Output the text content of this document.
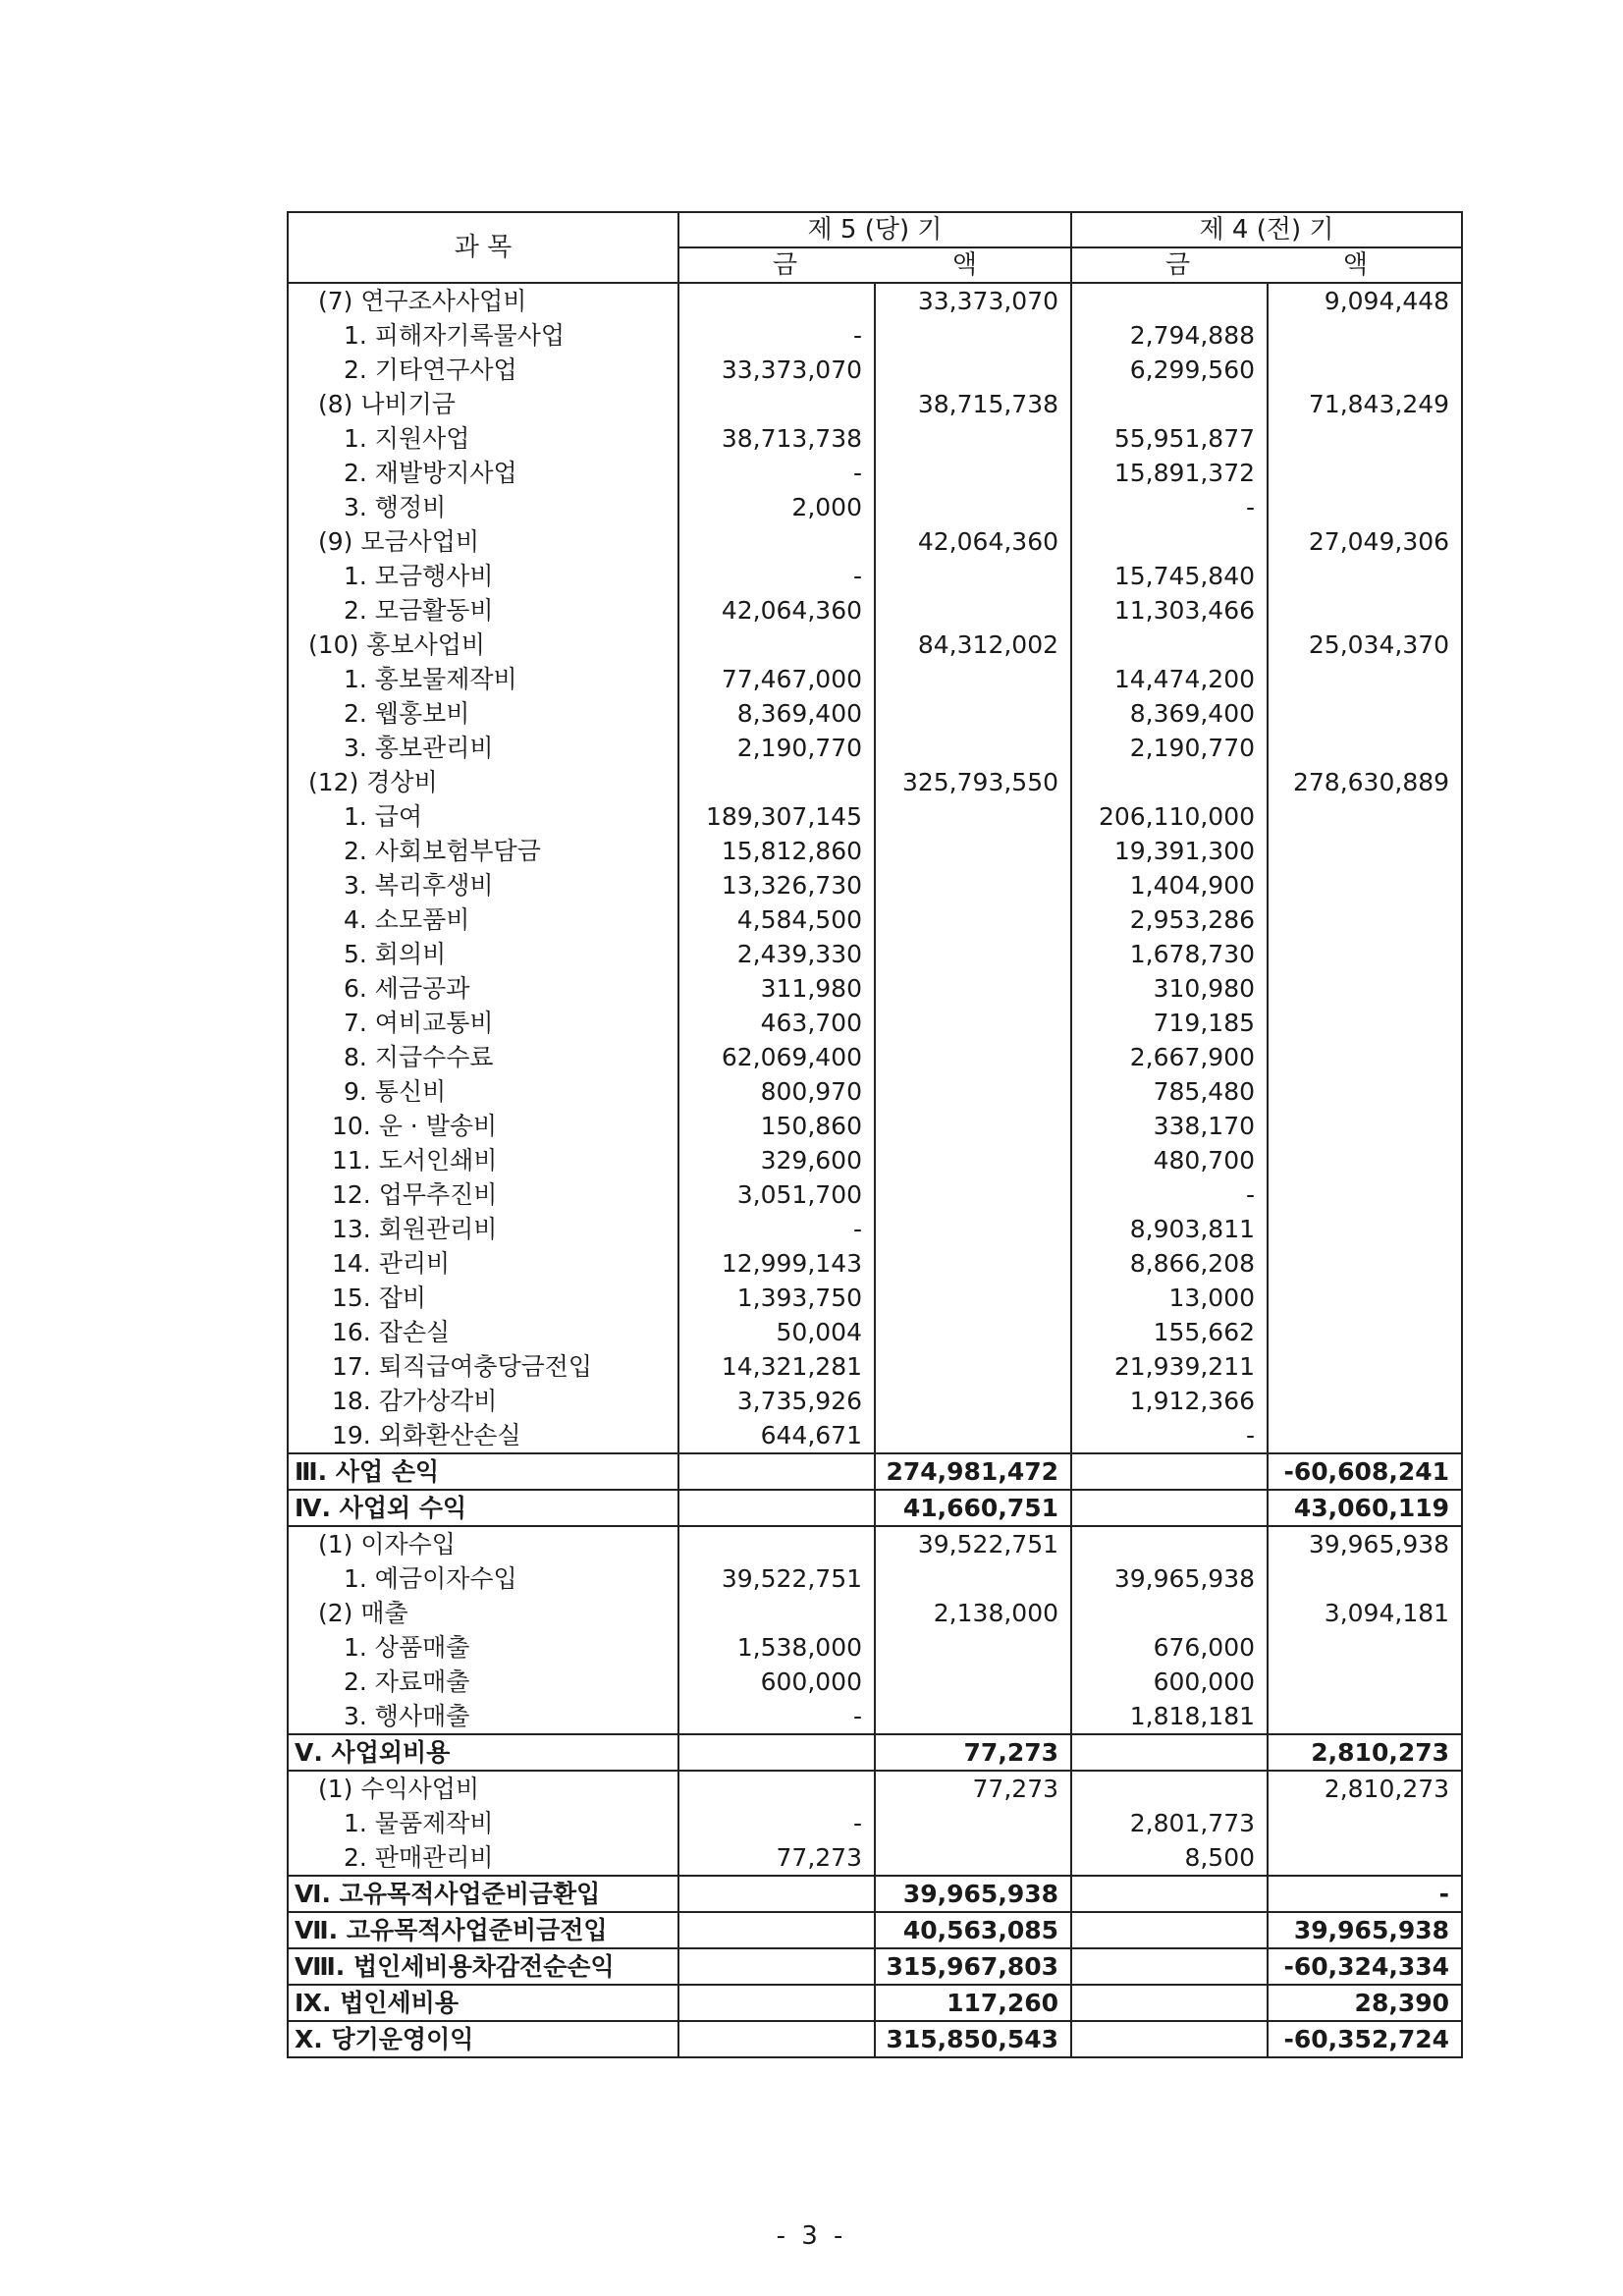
과 목	제 5 (당) 기		제 4 (전) 기	

	금 액		금 액	

(7) 연구조사사업비		33,373,070		9,094,448
1. 피해자기록물사업	-		2,794,888	
2. 기타연구사업	33,373,070		6,299,560	
(8) 나비기금		38,715,738		71,843,249
1. 지원사업	38,713,738		55,951,877	
2. 재발방지사업	-		15,891,372	
3. 행정비	2,000		-	
(9) 모금사업비		42,064,360		27,049,306
1. 모금행사비	-		15,745,840	
2. 모금활동비	42,064,360		11,303,466	
(10) 홍보사업비		84,312,002		25,034,370
1. 홍보물제작비	77,467,000		14,474,200	
2. 웹홍보비	8,369,400		8,369,400	
3. 홍보관리비	2,190,770		2,190,770	
(12) 경상비		325,793,550		278,630,889
1. 급여	189,307,145		206,110,000	
2. 사회보험부담금	15,812,860		19,391,300	
3. 복리후생비	13,326,730		1,404,900	
4. 소모품비	4,584,500		2,953,286	
5. 회의비	2,439,330		1,678,730	
6. 세금공과	311,980		310,980	
7. 여비교통비	463,700		719,185	
8. 지급수수료	62,069,400		2,667,900	
9. 통신비	800,970		785,480	
10. 운 · 발송비	150,860		338,170	
11. 도서인쇄비	329,600		480,700	
12. 업무추진비	3,051,700		-	
13. 회원관리비	-		8,903,811	
14. 관리비	12,999,143		8,866,208	
15. 잡비	1,393,750		13,000	
16. 잡손실	50,004		155,662	
17. 퇴직급여충당금전입	14,321,281		21,939,211	
18. 감가상각비	3,735,926		1,912,366	
19. 외화환산손실	644,671		-	
Ⅲ. 사업 손익		274,981,472		-60,608,241
Ⅳ. 사업외 수익		41,660,751		43,060,119
(1) 이자수입		39,522,751		39,965,938
1. 예금이자수입	39,522,751		39,965,938	
(2) 매출		2,138,000		3,094,181
1. 상품매출	1,538,000		676,000	
2. 자료매출	600,000		600,000	
3. 행사매출	-		1,818,181	
Ⅴ. 사업외비용		77,273		2,810,273
(1) 수익사업비		77,273		2,810,273
1. 물품제작비	-		2,801,773	
2. 판매관리비	77,273		8,500	
Ⅵ. 고유목적사업준비금환입		39,965,938		-
Ⅶ. 고유목적사업준비금전입		40,563,085		39,965,938
Ⅷ. 법인세비용차감전순손익		315,967,803		-60,324,334
Ⅸ. 법인세비용		117,260		28,390
Ⅹ. 당기운영이익		315,850,543		-60,352,724
- 3 -
